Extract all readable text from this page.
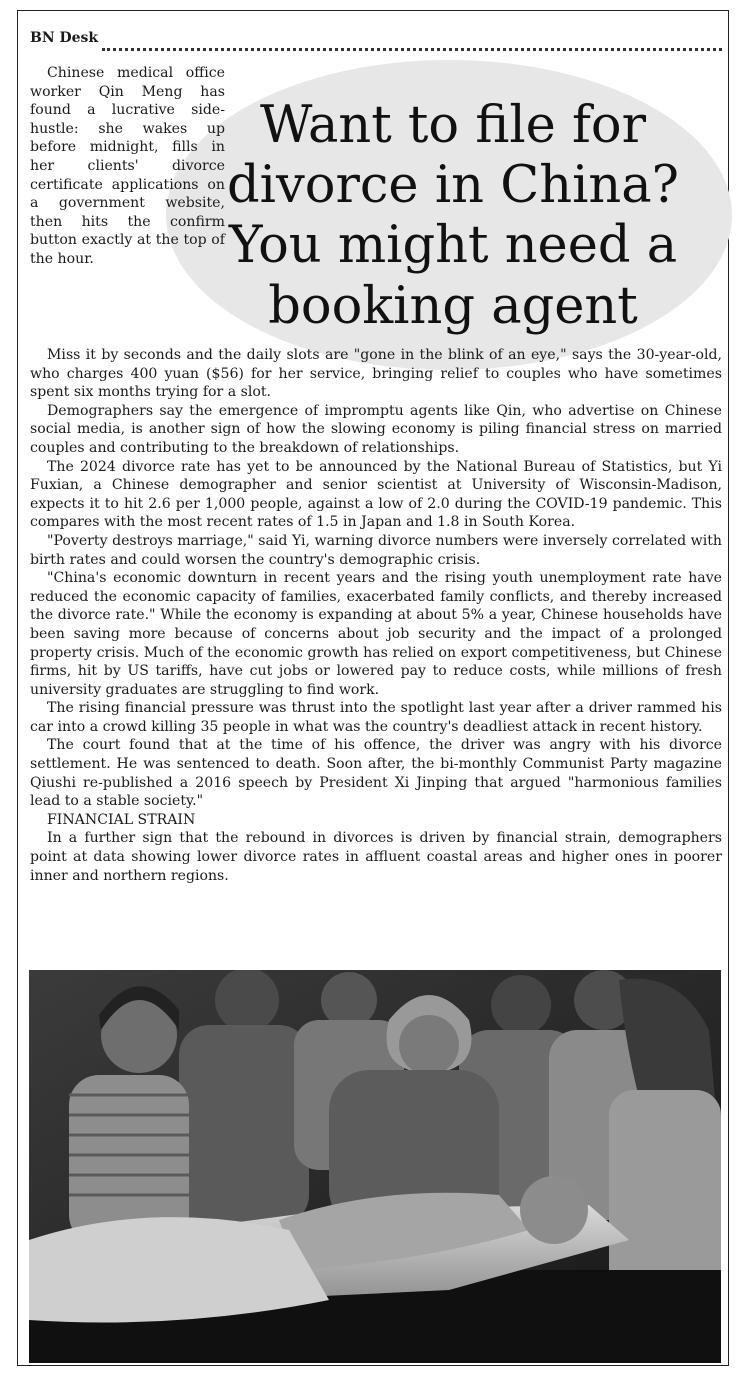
BN Desk
Want to file for divorce in China? You might need a booking agent

Chinese medical office worker Qin Meng has found a lucrative side-hustle: she wakes up before midnight, fills in her clients' divorce certificate applications on a government website, then hits the confirm button exactly at the top of the hour.

Miss it by seconds and the daily slots are "gone in the blink of an eye," says the 30-year-old, who charges 400 yuan ($56) for her service, bringing relief to couples who have sometimes spent six months trying for a slot.

Demographers say the emergence of impromptu agents like Qin, who advertise on Chinese social media, is another sign of how the slowing economy is piling financial stress on married couples and contributing to the breakdown of relationships.

The 2024 divorce rate has yet to be announced by the National Bureau of Statistics, but Yi Fuxian, a Chinese demographer and senior scientist at University of Wisconsin-Madison, expects it to hit 2.6 per 1,000 people, against a low of 2.0 during the COVID-19 pandemic. This compares with the most recent rates of 1.5 in Japan and 1.8 in South Korea.

"Poverty destroys marriage," said Yi, warning divorce numbers were inversely correlated with birth rates and could worsen the country's demographic crisis.

"China's economic downturn in recent years and the rising youth unemployment rate have reduced the economic capacity of families, exacerbated family conflicts, and thereby increased the divorce rate." While the economy is expanding at about 5% a year, Chinese households have been saving more because of concerns about job security and the impact of a prolonged property crisis. Much of the economic growth has relied on export competitiveness, but Chinese firms, hit by US tariffs, have cut jobs or lowered pay to reduce costs, while millions of fresh university graduates are struggling to find work.

The rising financial pressure was thrust into the spotlight last year after a driver rammed his car into a crowd killing 35 people in what was the country's deadliest attack in recent history.

The court found that at the time of his offence, the driver was angry with his divorce settlement. He was sentenced to death. Soon after, the bi-monthly Communist Party magazine Qiushi re-published a 2016 speech by President Xi Jinping that argued "harmonious families lead to a stable society."

FINANCIAL STRAIN

In a further sign that the rebound in divorces is driven by financial strain, demographers point at data showing lower divorce rates in affluent coastal areas and higher ones in poorer inner and northern regions.
